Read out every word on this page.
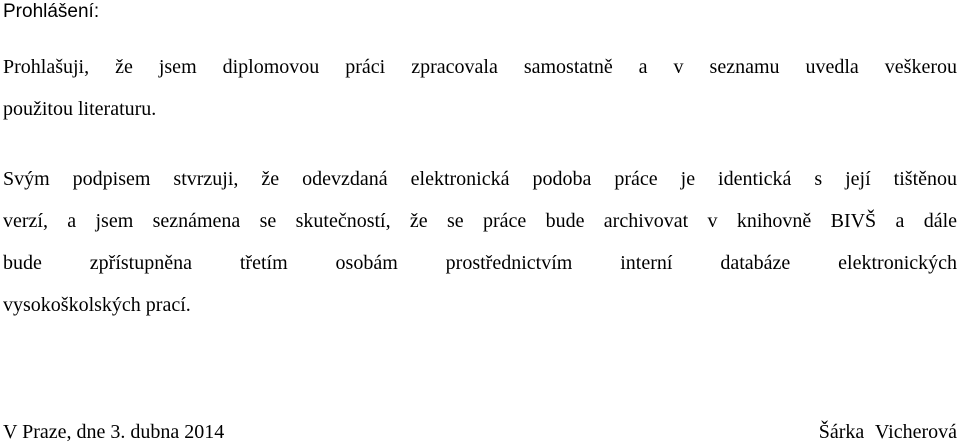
Prohlášení:

Prohlašuji, že jsem diplomovou práci zpracovala samostatně a v seznamu uvedla veškerou
použitou literaturu.

Svým podpisem stvrzuji, že odevzdaná elektronická podoba práce je identická s její tištěnou
verzí, a jsem seznámena se skutečností, že se práce bude archivovat v knihovně BIVŠ a dále
bude zpřístupněna třetím osobám prostřednictvím interní databáze elektronických
vysokoškolských prací.

V Praze, dne 3. dubna 2014	Šárka Vicherová
